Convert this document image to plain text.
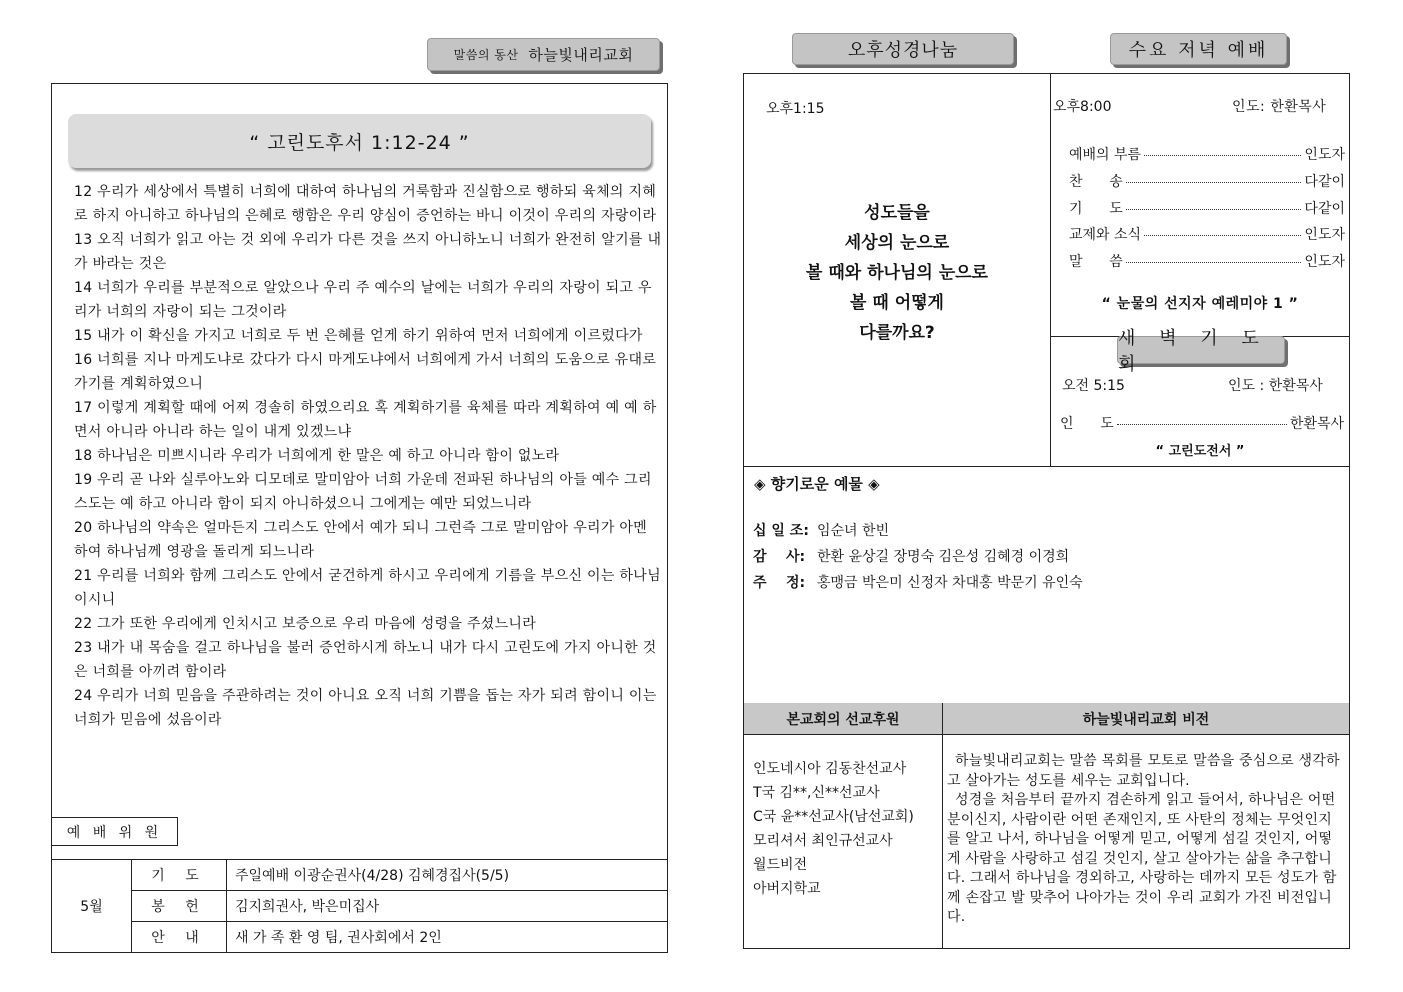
말씀의 동산 하늘빛내리교회
“ 고린도후서 1:12-24 ”

12 우리가 세상에서 특별히 너희에 대하여 하나님의 거룩함과 진실함으로 행하되 육체의 지혜로 하지 아니하고 하나님의 은혜로 행함은 우리 양심이 증언하는 바니 이것이 우리의 자랑이라

13 오직 너희가 읽고 아는 것 외에 우리가 다른 것을 쓰지 아니하노니 너희가 완전히 알기를 내가 바라는 것은

14 너희가 우리를 부분적으로 알았으나 우리 주 예수의 날에는 너희가 우리의 자랑이 되고 우리가 너희의 자랑이 되는 그것이라

15 내가 이 확신을 가지고 너희로 두 번 은혜를 얻게 하기 위하여 먼저 너희에게 이르렀다가

16 너희를 지나 마게도냐로 갔다가 다시 마게도냐에서 너희에게 가서 너희의 도움으로 유대로 가기를 계획하였으니

17 이렇게 계획할 때에 어찌 경솔히 하였으리요 혹 계획하기를 육체를 따라 계획하여 예 예 하면서 아니라 아니라 하는 일이 내게 있겠느냐

18 하나님은 미쁘시니라 우리가 너희에게 한 말은 예 하고 아니라 함이 없노라

19 우리 곧 나와 실루아노와 디모데로 말미암아 너희 가운데 전파된 하나님의 아들 예수 그리스도는 예 하고 아니라 함이 되지 아니하셨으니 그에게는 예만 되었느니라

20 하나님의 약속은 얼마든지 그리스도 안에서 예가 되니 그런즉 그로 말미암아 우리가 아멘 하여 하나님께 영광을 돌리게 되느니라

21 우리를 너희와 함께 그리스도 안에서 굳건하게 하시고 우리에게 기름을 부으신 이는 하나님이시니

22 그가 또한 우리에게 인치시고 보증으로 우리 마음에 성령을 주셨느니라

23 내가 내 목숨을 걸고 하나님을 불러 증언하시게 하노니 내가 다시 고린도에 가지 아니한 것은 너희를 아끼려 함이라

24 우리가 너희 믿음을 주관하려는 것이 아니요 오직 너희 기쁨을 돕는 자가 되려 함이니 이는 너희가 믿음에 섰음이라

예 배 위 원
5월	기 도	주일예배 이광순권사(4/28) 김혜경집사(5/5)
	봉 헌	김지희권사, 박은미집사
	안 내	새 가 족 환 영 팀, 권사회에서 2인
오후성경나눔	수요 저녁 예배
오후1:15
성도들을
세상의 눈으로
볼 때와 하나님의 눈으로
볼 때 어떻게
다를까요?
오후8:00	인도: 한환목사
예배의 부름	인도자
찬      송	다같이
기      도	다같이
교제와 소식	인도자
말      씀	인도자
“ 눈물의 선지자 예레미야 1 ”
오전 5:15	인도 : 한환목사
인      도	한환목사
“ 고린도전서 ”
◈ 향기로운 예물 ◈
십 일 조: 임순녀 한빈
감    사: 한환 윤상길 장명숙 김은성 김혜경 이경희
주    정: 홍맹금 박은미 신정자 차대홍 박문기 유인숙
본교회의 선교후원	하늘빛내리교회 비전
인도네시아 김동찬선교사
T국 김**,신**선교사
C국 윤**선교사(남선교회)
모리셔서 최인규선교사
월드비전
아버지학교
하늘빛내리교회는 말씀 목회를 모토로 말씀을 중심으로 생각하고 살아가는 성도를 세우는 교회입니다.
성경을 처음부터 끝까지 겸손하게 읽고 들어서, 하나님은 어떤 분이신지, 사람이란 어떤 존재인지, 또 사탄의 정체는 무엇인지를 알고 나서, 하나님을 어떻게 믿고, 어떻게 섬길 것인지, 어떻게 사람을 사랑하고 섬길 것인지, 살고 살아가는 삶을 추구합니다. 그래서 하나님을 경외하고, 사랑하는 데까지 모든 성도가 함께 손잡고 발 맞추어 나아가는 것이 우리 교회가 가진 비전입니다.
새 벽 기 도 회
